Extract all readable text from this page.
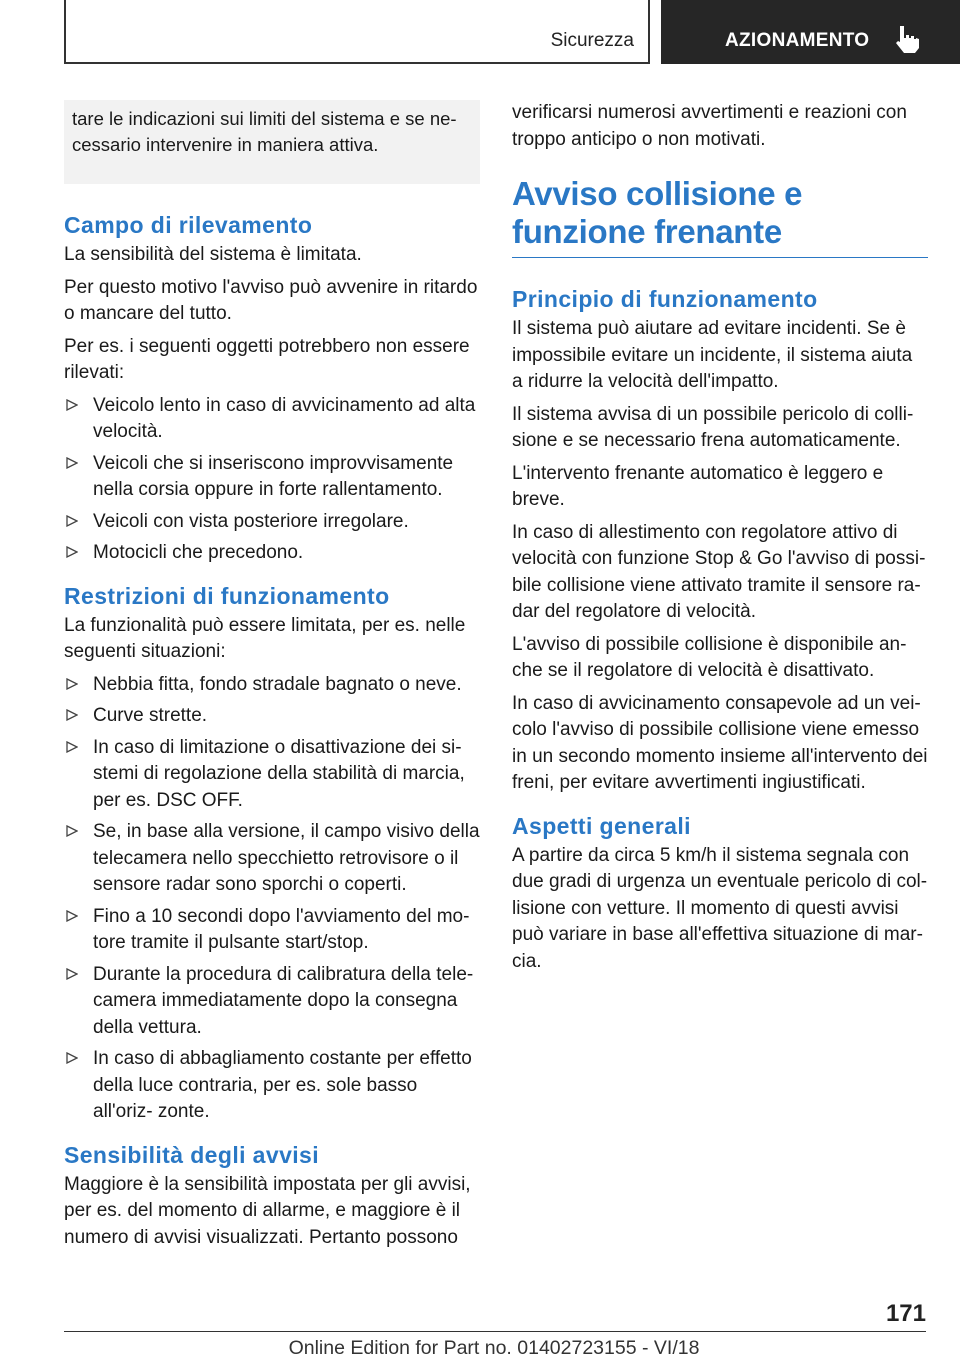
Sicurezza	AZIONAMENTO

tare le indicazioni sui limiti del sistema e se ne- cessario intervenire in maniera attiva.

Campo di rilevamento

La sensibilità del sistema è limitata.

Per questo motivo l'avviso può avvenire in ritardo o mancare del tutto.

Per es. i seguenti oggetti potrebbero non essere rilevati:

Veicolo lento in caso di avvicinamento ad alta velocità.
Veicoli che si inseriscono improvvisamente nella corsia oppure in forte rallentamento.
Veicoli con vista posteriore irregolare.
Motocicli che precedono.
Restrizioni di funzionamento

La funzionalità può essere limitata, per es. nelle seguenti situazioni:

Nebbia fitta, fondo stradale bagnato o neve.
Curve strette.
In caso di limitazione o disattivazione dei si- stemi di regolazione della stabilità di marcia, per es. DSC OFF.
Se, in base alla versione, il campo visivo della telecamera nello specchietto retrovisore o il sensore radar sono sporchi o coperti.
Fino a 10 secondi dopo l'avviamento del mo- tore tramite il pulsante start/stop.
Durante la procedura di calibratura della tele- camera immediatamente dopo la consegna della vettura.
In caso di abbagliamento costante per effetto della luce contraria, per es. sole basso all'oriz- zonte.
Sensibilità degli avvisi

Maggiore è la sensibilità impostata per gli avvisi, per es. del momento di allarme, e maggiore è il numero di avvisi visualizzati. Pertanto possono

verificarsi numerosi avvertimenti e reazioni con troppo anticipo o non motivati.

Avviso collisione e funzione frenante
Principio di funzionamento

Il sistema può aiutare ad evitare incidenti. Se è impossibile evitare un incidente, il sistema aiuta a ridurre la velocità dell'impatto.

Il sistema avvisa di un possibile pericolo di colli- sione e se necessario frena automaticamente.

L'intervento frenante automatico è leggero e breve.

In caso di allestimento con regolatore attivo di velocità con funzione Stop & Go l'avviso di possi- bile collisione viene attivato tramite il sensore ra- dar del regolatore di velocità.

L'avviso di possibile collisione è disponibile an- che se il regolatore di velocità è disattivato.

In caso di avvicinamento consapevole ad un vei- colo l'avviso di possibile collisione viene emesso in un secondo momento insieme all'intervento dei freni, per evitare avvertimenti ingiustificati.

Aspetti generali

A partire da circa 5 km/h il sistema segnala con due gradi di urgenza un eventuale pericolo di col- lisione con vetture. Il momento di questi avvisi può variare in base all'effettiva situazione di mar- cia.

171
Online Edition for Part no. 01402723155 - VI/18
